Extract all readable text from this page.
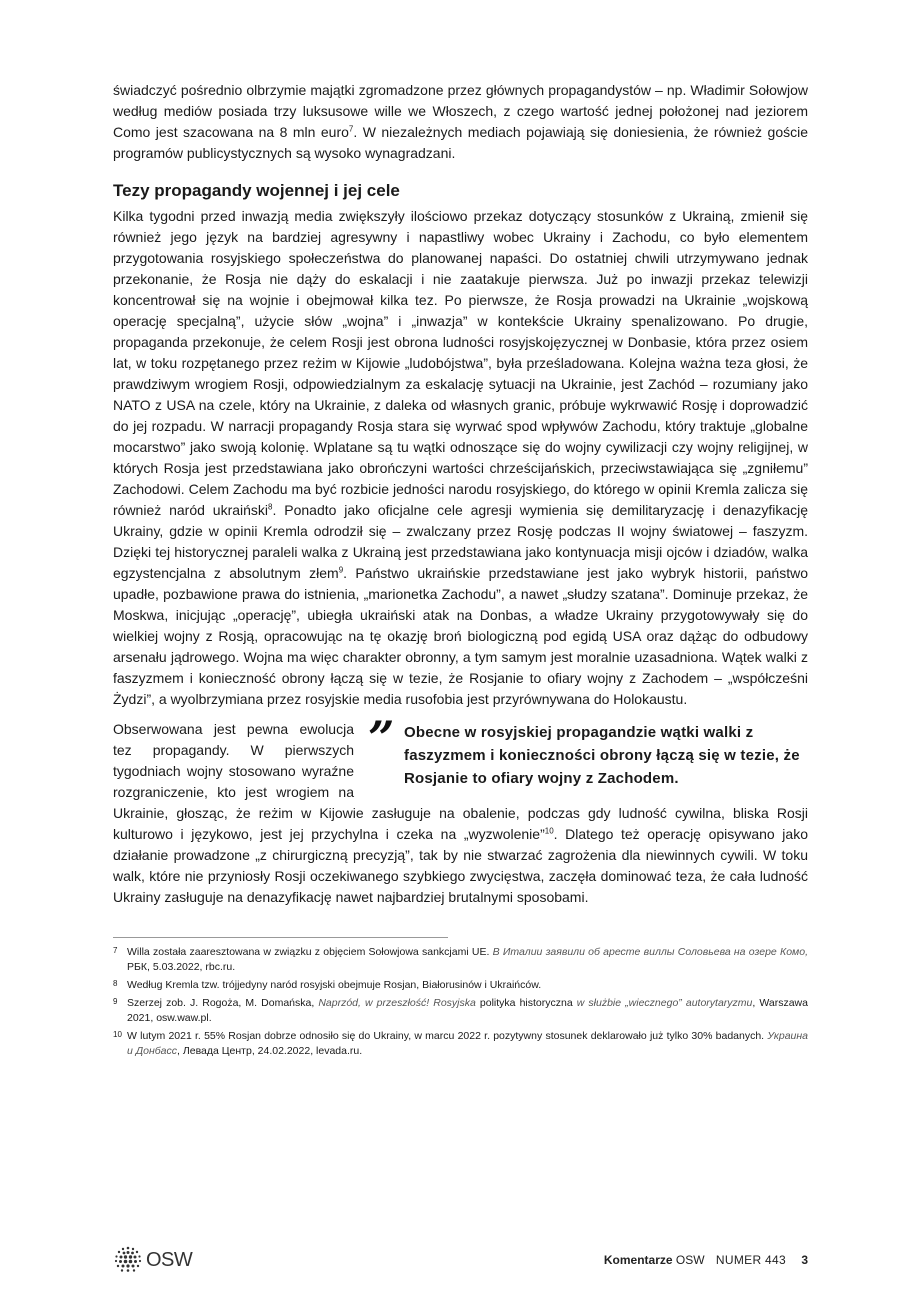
świadczyć pośrednio olbrzymie majątki zgromadzone przez głównych propagandystów – np. Władimir Sołowjow według mediów posiada trzy luksusowe wille we Włoszech, z czego wartość jednej położonej nad jeziorem Como jest szacowana na 8 mln euro$^7$. W niezależnych mediach pojawiają się doniesienia, że również goście programów publicystycznych są wysoko wynagradzani.

Tezy propagandy wojennej i jej cele

Kilka tygodni przed inwazją media zwiększyły ilościowo przekaz dotyczący stosunków z Ukrainą, zmienił się również jego język na bardziej agresywny i napastliwy wobec Ukrainy i Zachodu, co było elementem przygotowania rosyjskiego społeczeństwa do planowanej napaści. Do ostatniej chwili utrzymywano jednak przekonanie, że Rosja nie dąży do eskalacji i nie zaatakuje pierwsza. Już po inwazji przekaz telewizji koncentrował się na wojnie i obejmował kilka tez. Po pierwsze, że Rosja prowadzi na Ukrainie „wojskową operację specjalną”, użycie słów „wojna” i „inwazja” w kontekście Ukrainy spenalizowano. Po drugie, propaganda przekonuje, że celem Rosji jest obrona ludności rosyjskojęzycznej w Donbasie, która przez osiem lat, w toku rozpętanego przez reżim w Kijowie „ludobójstwa”, była prześladowana. Kolejna ważna teza głosi, że prawdziwym wrogiem Rosji, odpowiedzialnym za eskalację sytuacji na Ukrainie, jest Zachód – rozumiany jako NATO z USA na czele, który na Ukrainie, z daleka od własnych granic, próbuje wykrwawić Rosję i doprowadzić do jej rozpadu. W narracji propagandy Rosja stara się wyrwać spod wpływów Zachodu, który traktuje „globalne mocarstwo” jako swoją kolonię. Wplatane są tu wątki odnoszące się do wojny cywilizacji czy wojny religijnej, w których Rosja jest przedstawiana jako obrończyni wartości chrześcijańskich, przeciwstawiająca się „zgniłemu” Zachodowi. Celem Zachodu ma być rozbicie jedności narodu rosyjskiego, do którego w opinii Kremla zalicza się również naród ukraiński$^8$. Ponadto jako oficjalne cele agresji wymienia się demilitaryzację i denazyfikację Ukrainy, gdzie w opinii Kremla odrodził się – zwalczany przez Rosję podczas II wojny światowej – faszyzm. Dzięki tej historycznej paraleli walka z Ukrainą jest przedstawiana jako kontynuacja misji ojców i dziadów, walka egzystencjalna z absolutnym złem$^9$. Państwo ukraińskie przedstawiane jest jako wybryk historii, państwo upadłe, pozbawione prawa do istnienia, „marionetka Zachodu”, a nawet „słudzy szatana”. Dominuje przekaz, że Moskwa, inicjując „operację”, ubiegła ukraiński atak na Donbas, a władze Ukrainy przygotowywały się do wielkiej wojny z Rosją, opracowując na tę okazję broń biologiczną pod egidą USA oraz dążąc do odbudowy arsenału jądrowego. Wojna ma więc charakter obronny, a tym samym jest moralnie uzasadniona. Wątek walki z faszyzmem i konieczność obrony łączą się w tezie, że Rosjanie to ofiary wojny z Zachodem – „współcześni Żydzi”, a wyolbrzymiana przez rosyjskie media rusofobia jest przyrównywana do Holokaustu.

” Obecne w rosyjskiej propagandzie wątki walki z faszyzmem i konieczności obrony łączą się w tezie, że Rosjanie to ofiary wojny z Zachodem.

Obserwowana jest pewna ewolucja tez propagandy. W pierwszych tygodniach wojny stosowano wyraźne rozgraniczenie, kto jest wrogiem na Ukrainie, głosząc, że reżim w Kijowie zasługuje na obalenie, podczas gdy ludność cywilna, bliska Rosji kulturowo i językowo, jest jej przychylna i czeka na „wyzwolenie”$^{10}$. Dlatego też operację opisywano jako działanie prowadzone „z chirurgiczną precyzją”, tak by nie stwarzać zagrożenia dla niewinnych cywili. W toku walk, które nie przyniosły Rosji oczekiwanego szybkiego zwycięstwa, zaczęła dominować teza, że cała ludność Ukrainy zasługuje na denazyfikację nawet najbardziej brutalnymi sposobami.

7 Willa została zaaresztowana w związku z objęciem Sołowjowa sankcjami UE. В Италии заявили об аресте виллы Соловьева на озере Комо, РБК, 5.03.2022, rbc.ru.
8 Według Kremla tzw. trójjedyny naród rosyjski obejmuje Rosjan, Białorusinów i Ukraińców.
9 Szerzej zob. J. Rogoża, M. Domańska, Naprzód, w przeszłość! Rosyjska polityka historyczna w służbie „wiecznego” autorytaryzmu, Warszawa 2021, osw.waw.pl.
10 W lutym 2021 r. 55% Rosjan dobrze odnosiło się do Ukrainy, w marcu 2022 r. pozytywny stosunek deklarowało już tylko 30% badanych. Украина и Донбасс, Левада Центр, 24.02.2022, levada.ru.
OSW	Komentarze OSW NUMER 443 3
